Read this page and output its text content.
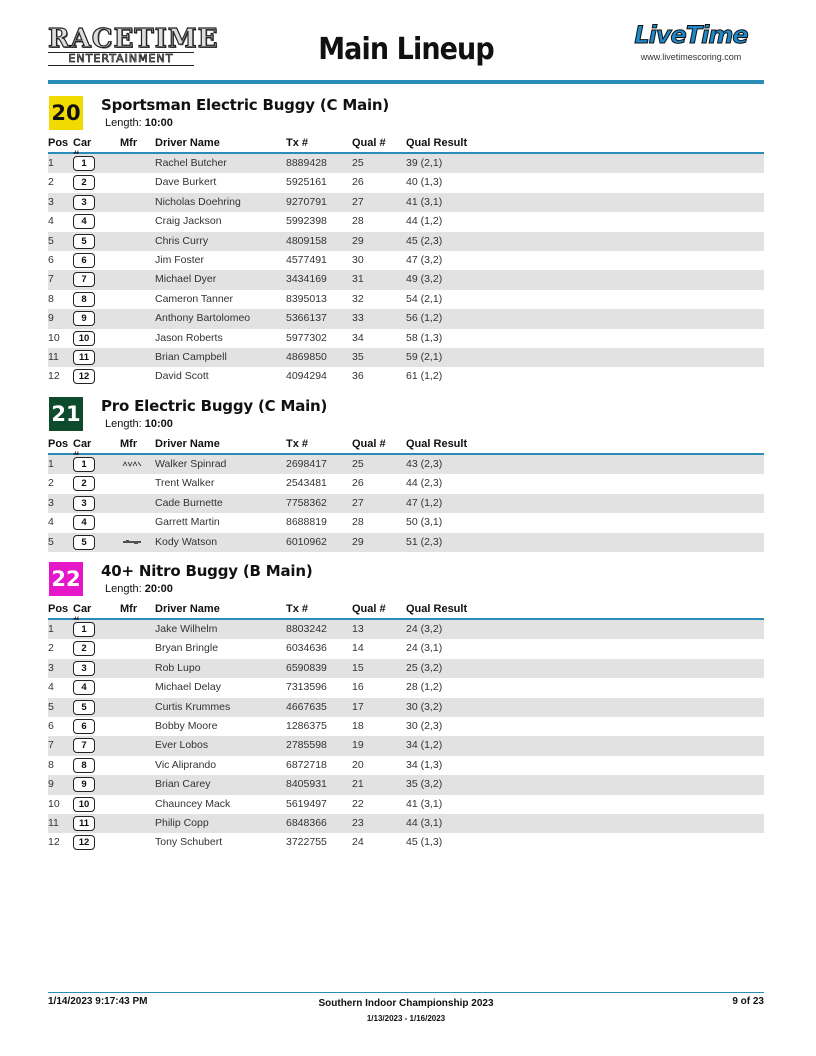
RACETIME
ENTERTAINMENT	Main Lineup	LiveTime
www.livetimescoring.com
20 Sportsman Electric Buggy (C Main)
Length: 10:00
Pos Car	Mfr Driver Name	Tx #	Qual # Qual Result
1	1	Rachel Butcher	8889428 25	39 (2,1)
2	2	Dave Burkert	5925161 26	40 (1,3)
3	3	Nicholas Doehring	9270791 27	41 (3,1)
4	4	Craig Jackson	5992398 28	44 (1,2)
5	5	Chris Curry	4809158 29	45 (2,3)
6	6	Jim Foster	4577491 30	47 (3,2)
7	7	Michael Dyer	3434169 31	49 (3,2)
8	8	Cameron Tanner	8395013 32	54 (2,1)
9	9	Anthony Bartolomeo	5366137 33	56 (1,2)
10	10	Jason Roberts	5977302 34	58 (1,3)
11	11	Brian Campbell	4869850 35	59 (2,1)
12	12	David Scott	4094294 36	61 (1,2)
21 Pro Electric Buggy (C Main)
Length: 10:00
Pos Car	Mfr Driver Name	Tx #	Qual # Qual Result
1	1	Walker Spinrad	2698417 25	43 (2,3)
2	2	Trent Walker	2543481 26	44 (2,3)
3	3	Cade Burnette	7758362 27	47 (1,2)
4	4	Garrett Martin	8688819 28	50 (3,1)
5	5	Kody Watson	6010962 29	51 (2,3)
22 40+ Nitro Buggy (B Main)
Length: 20:00
Pos Car	Mfr Driver Name	Tx #	Qual # Qual Result
1	1	Jake Wilhelm	8803242 13	24 (3,2)
2	2	Bryan Bringle	6034636 14	24 (3,1)
3	3	Rob Lupo	6590839 15	25 (3,2)
4	4	Michael Delay	7313596 16	28 (1,2)
5	5	Curtis Krummes	4667635 17	30 (3,2)
6	6	Bobby Moore	1286375 18	30 (2,3)
7	7	Ever Lobos	2785598 19	34 (1,2)
8	8	Vic Aliprando	6872718 20	34 (1,3)
9	9	Brian Carey	8405931 21	35 (3,2)
10	10	Chauncey Mack	5619497 22	41 (3,1)
11	11	Philip Copp	6848366 23	44 (3,1)
12	12	Tony Schubert	3722755 24	45 (1,3)
1/14/2023 9:17:43 PM	Southern Indoor Championship 2023
1/13/2023 - 1/16/2023
9 of 23
